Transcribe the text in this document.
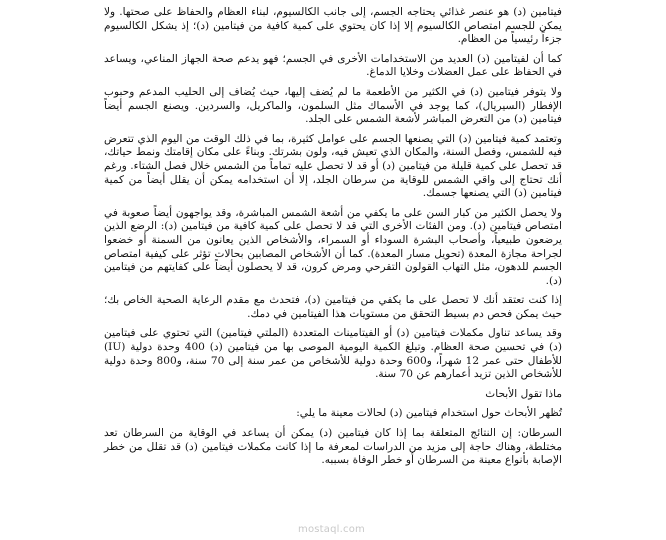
فيتامين (د) هو عنصر غذائي يحتاجه الجسم، إلى جانب الكالسيوم، لبناء العظام والحفاظ على صحتها. ولا يمكن للجسم امتصاص الكالسيوم إلا إذا كان يحتوي على كمية كافية من فيتامين (د)؛ إذ يشكل الكالسيوم جزءاً رئيسياً من العظام.

كما أن لفيتامين (د) العديد من الاستخدامات الأخرى في الجسم؛ فهو يدعم صحة الجهاز المناعي، ويساعد في الحفاظ على عمل العضلات وخلايا الدماغ.

ولا يتوفر فيتامين (د) في الكثير من الأطعمة ما لم يُضف إليها، حيث يُضاف إلى الحليب المدعم وحبوب الإفطار (السيريال)، كما يوجد في الأسماك مثل السلمون، والماكريل، والسردين. ويصنع الجسم أيضاً فيتامين (د) من التعرض المباشر لأشعة الشمس على الجلد.

وتعتمد كمية فيتامين (د) التي يصنعها الجسم على عوامل كثيرة، بما في ذلك الوقت من اليوم الذي تتعرض فيه للشمس، وفصل السنة، والمكان الذي تعيش فيه، ولون بشرتك. وبناءً على مكان إقامتك ونمط حياتك، قد تحصل على كمية قليلة من فيتامين (د) أو قد لا تحصل عليه تماماً من الشمس خلال فصل الشتاء. ورغم أنك تحتاج إلى واقي الشمس للوقاية من سرطان الجلد، إلا أن استخدامه يمكن أن يقلل أيضاً من كمية فيتامين (د) التي يصنعها جسمك.

ولا يحصل الكثير من كبار السن على ما يكفي من أشعة الشمس المباشرة، وقد يواجهون أيضاً صعوبة في امتصاص فيتامين (د). ومن الفئات الأخرى التي قد لا تحصل على كمية كافية من فيتامين (د): الرضع الذين يرضعون طبيعياً، وأصحاب البشرة السوداء أو السمراء، والأشخاص الذين يعانون من السمنة أو خضعوا لجراحة مجازة المعدة (تحويل مسار المعدة). كما أن الأشخاص المصابين بحالات تؤثر على كيفية امتصاص الجسم للدهون، مثل التهاب القولون التقرحي ومرض كرون، قد لا يحصلون أيضاً على كفايتهم من فيتامين (د).

إذا كنت تعتقد أنك لا تحصل على ما يكفي من فيتامين (د)، فتحدث مع مقدم الرعاية الصحية الخاص بك؛ حيث يمكن فحص دم بسيط التحقق من مستويات هذا الفيتامين في دمك.

وقد يساعد تناول مكملات فيتامين (د) أو الفيتامينات المتعددة (الملتي فيتامين) التي تحتوي على فيتامين (د) في تحسين صحة العظام. وتبلغ الكمية اليومية الموصى بها من فيتامين (د) 400 وحدة دولية (IU) للأطفال حتى عمر 12 شهراً، و600 وحدة دولية للأشخاص من عمر سنة إلى 70 سنة، و800 وحدة دولية للأشخاص الذين تزيد أعمارهم عن 70 سنة.

ماذا تقول الأبحاث

تُظهر الأبحاث حول استخدام فيتامين (د) لحالات معينة ما يلي:

السرطان: إن النتائج المتعلقة بما إذا كان فيتامين (د) يمكن أن يساعد في الوقاية من السرطان تعد مختلطة، وهناك حاجة إلى مزيد من الدراسات لمعرفة ما إذا كانت مكملات فيتامين (د) قد تقلل من خطر الإصابة بأنواع معينة من السرطان أو خطر الوفاة بسببه.

mostaql.com
